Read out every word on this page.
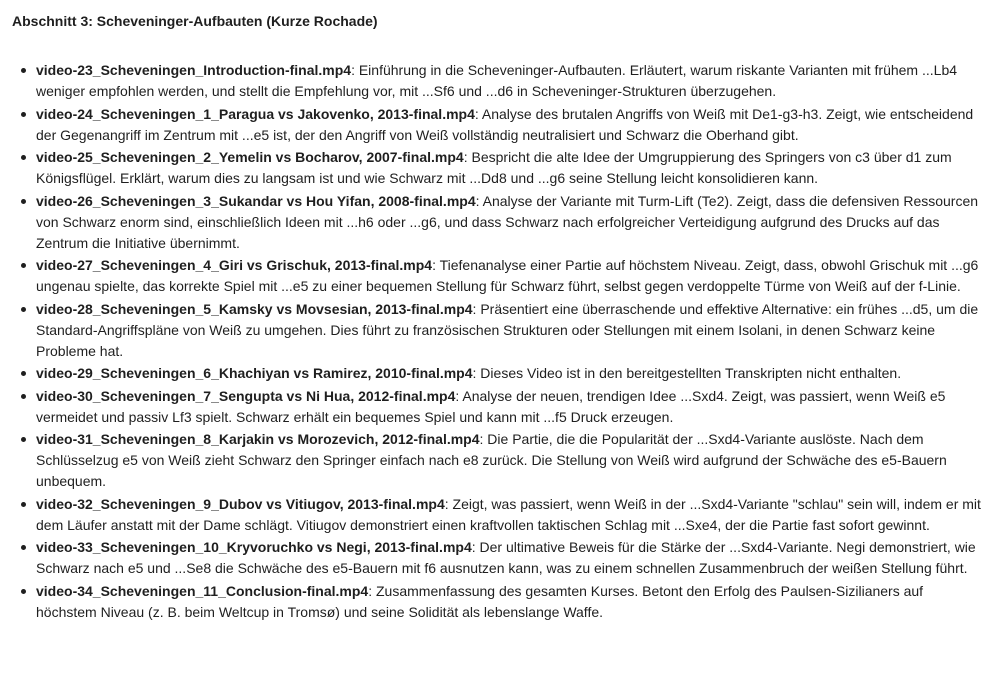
Abschnitt 3: Scheveninger-Aufbauten (Kurze Rochade)
video-23_Scheveningen_Introduction-final.mp4: Einführung in die Scheveninger-Aufbauten. Erläutert, warum riskante Varianten mit frühem ...Lb4 weniger empfohlen werden, und stellt die Empfehlung vor, mit ...Sf6 und ...d6 in Scheveninger-Strukturen überzugehen.
video-24_Scheveningen_1_Paragua vs Jakovenko, 2013-final.mp4: Analyse des brutalen Angriffs von Weiß mit De1-g3-h3. Zeigt, wie entscheidend der Gegenangriff im Zentrum mit ...e5 ist, der den Angriff von Weiß vollständig neutralisiert und Schwarz die Oberhand gibt.
video-25_Scheveningen_2_Yemelin vs Bocharov, 2007-final.mp4: Bespricht die alte Idee der Umgruppierung des Springers von c3 über d1 zum Königsflügel. Erklärt, warum dies zu langsam ist und wie Schwarz mit ...Dd8 und ...g6 seine Stellung leicht konsolidieren kann.
video-26_Scheveningen_3_Sukandar vs Hou Yifan, 2008-final.mp4: Analyse der Variante mit Turm-Lift (Te2). Zeigt, dass die defensiven Ressourcen von Schwarz enorm sind, einschließlich Ideen mit ...h6 oder ...g6, und dass Schwarz nach erfolgreicher Verteidigung aufgrund des Drucks auf das Zentrum die Initiative übernimmt.
video-27_Scheveningen_4_Giri vs Grischuk, 2013-final.mp4: Tiefenanalyse einer Partie auf höchstem Niveau. Zeigt, dass, obwohl Grischuk mit ...g6 ungenau spielte, das korrekte Spiel mit ...e5 zu einer bequemen Stellung für Schwarz führt, selbst gegen verdoppelte Türme von Weiß auf der f-Linie.
video-28_Scheveningen_5_Kamsky vs Movsesian, 2013-final.mp4: Präsentiert eine überraschende und effektive Alternative: ein frühes ...d5, um die Standard-Angriffspläne von Weiß zu umgehen. Dies führt zu französischen Strukturen oder Stellungen mit einem Isolani, in denen Schwarz keine Probleme hat.
video-29_Scheveningen_6_Khachiyan vs Ramirez, 2010-final.mp4: Dieses Video ist in den bereitgestellten Transkripten nicht enthalten.
video-30_Scheveningen_7_Sengupta vs Ni Hua, 2012-final.mp4: Analyse der neuen, trendigen Idee ...Sxd4. Zeigt, was passiert, wenn Weiß e5 vermeidet und passiv Lf3 spielt. Schwarz erhält ein bequemes Spiel und kann mit ...f5 Druck erzeugen.
video-31_Scheveningen_8_Karjakin vs Morozevich, 2012-final.mp4: Die Partie, die die Popularität der ...Sxd4-Variante auslöste. Nach dem Schlüsselzug e5 von Weiß zieht Schwarz den Springer einfach nach e8 zurück. Die Stellung von Weiß wird aufgrund der Schwäche des e5-Bauern unbequem.
video-32_Scheveningen_9_Dubov vs Vitiugov, 2013-final.mp4: Zeigt, was passiert, wenn Weiß in der ...Sxd4-Variante "schlau" sein will, indem er mit dem Läufer anstatt mit der Dame schlägt. Vitiugov demonstriert einen kraftvollen taktischen Schlag mit ...Sxe4, der die Partie fast sofort gewinnt.
video-33_Scheveningen_10_Kryvoruchko vs Negi, 2013-final.mp4: Der ultimative Beweis für die Stärke der ...Sxd4-Variante. Negi demonstriert, wie Schwarz nach e5 und ...Se8 die Schwäche des e5-Bauern mit f6 ausnutzen kann, was zu einem schnellen Zusammenbruch der weißen Stellung führt.
video-34_Scheveningen_11_Conclusion-final.mp4: Zusammenfassung des gesamten Kurses. Betont den Erfolg des Paulsen-Sizilianers auf höchstem Niveau (z. B. beim Weltcup in Tromsø) und seine Solidität als lebenslange Waffe.
